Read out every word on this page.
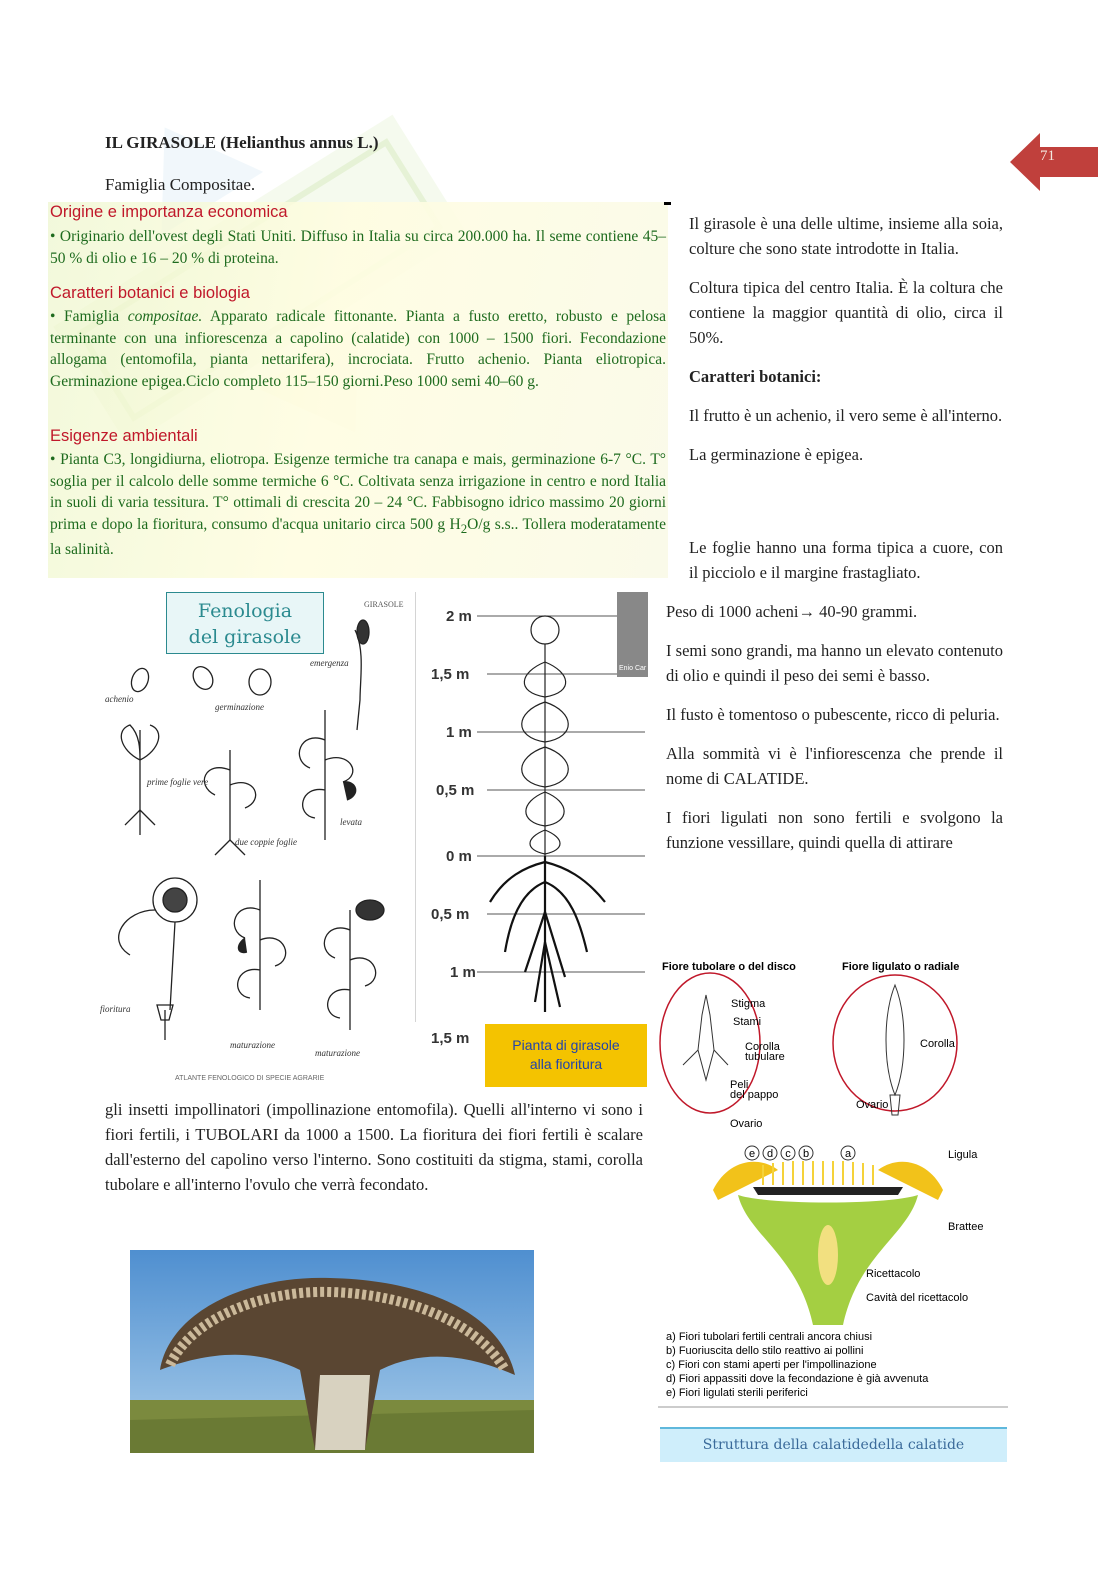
IL GIRASOLE (Helianthus annus L.)
Famiglia Compositae.
71
Origine e importanza economica
• Originario dell'ovest degli Stati Uniti. Diffuso in Italia su circa 200.000 ha. Il seme contiene 45–50 % di olio e 16 – 20 % di proteina.
Caratteri botanici e biologia
• Famiglia compositae. Apparato radicale fittonante. Pianta a fusto eretto, robusto e pelosa terminante con una infiorescenza a capolino (calatide) con 1000 – 1500 fiori. Fecondazione allogama (entomofila, pianta nettarifera), incrociata. Frutto achenio. Pianta eliotropica. Germinazione epigea.Ciclo completo 115–150 giorni.Peso 1000 semi 40–60 g.
Esigenze ambientali
• Pianta C3, longidiurna, eliotropa. Esigenze termiche tra canapa e mais, germinazione 6-7 °C. T° soglia per il calcolo delle somme termiche 6 °C. Coltivata senza irrigazione in centro e nord Italia in suoli di varia tessitura. T° ottimali di crescita 20 – 24 °C. Fabbisogno idrico massimo 20 giorni prima e dopo la fioritura, consumo d'acqua unitario circa 500 g $H_2O/g$ s.s.. Tollera moderatamente la salinità.

Il girasole è una delle ultime, insieme alla soia, colture che sono state introdotte in Italia.

Coltura tipica del centro Italia. È la coltura che contiene la maggior quantità di olio, circa il 50%.

Caratteri botanici:

Il frutto è un achenio, il vero seme è all'interno.

La germinazione è epigea.

Le foglie hanno una forma tipica a cuore, con il picciolo e il margine frastagliato.

Peso di 1000 acheni→ 40-90 grammi.

I semi sono grandi, ma hanno un elevato contenuto di olio e quindi il peso dei semi è basso.

Il fusto è tomentoso o pubescente, ricco di peluria.

Alla sommità vi è l'infiorescenza che prende il nome di CALATIDE.

I fiori ligulati non sono fertili e svolgono la funzione vessillare, quindi quella di attirare

Fenologia
del girasole
GIRASOLE
achenio
germinazione
emergenza
prime foglie vere
due coppie foglie
levata
fioritura
maturazione
maturazione
ATLANTE FENOLOGICO DI SPECIE AGRARIE
Enio Car
2 m
1,5 m
1 m
0,5 m
0 m
0,5 m
1 m
1,5 m	Pianta di girasole
alla fioritura
gli insetti impollinatori (impollinazione entomofila). Quelli all'interno vi sono i fiori fertili, i TUBOLARI da 1000 a 1500. La fioritura dei fiori fertili è scalare dall'esterno del capolino verso l'interno. Sono costituiti da stigma, stami, corolla tubolare e all'interno l'ovulo che verrà fecondato.
Fiore tubolare o del disco	Fiore ligulato o radiale
Stigma
Stami
Corolla
tubulare
Peli
del pappo
Ovario
Corolla
Ovario
e d c b	a	Ligula
Brattee
Ricettacolo
Cavità del ricettacolo
a) Fiori tubolari fertili centrali ancora chiusi
b) Fuoriuscita dello stilo reattivo ai pollini
c) Fiori con stami aperti per l'impollinazione
d) Fiori appassiti dove la fecondazione è già avvenuta
e) Fiori ligulati sterili periferici
Struttura della calatidedella calatide
